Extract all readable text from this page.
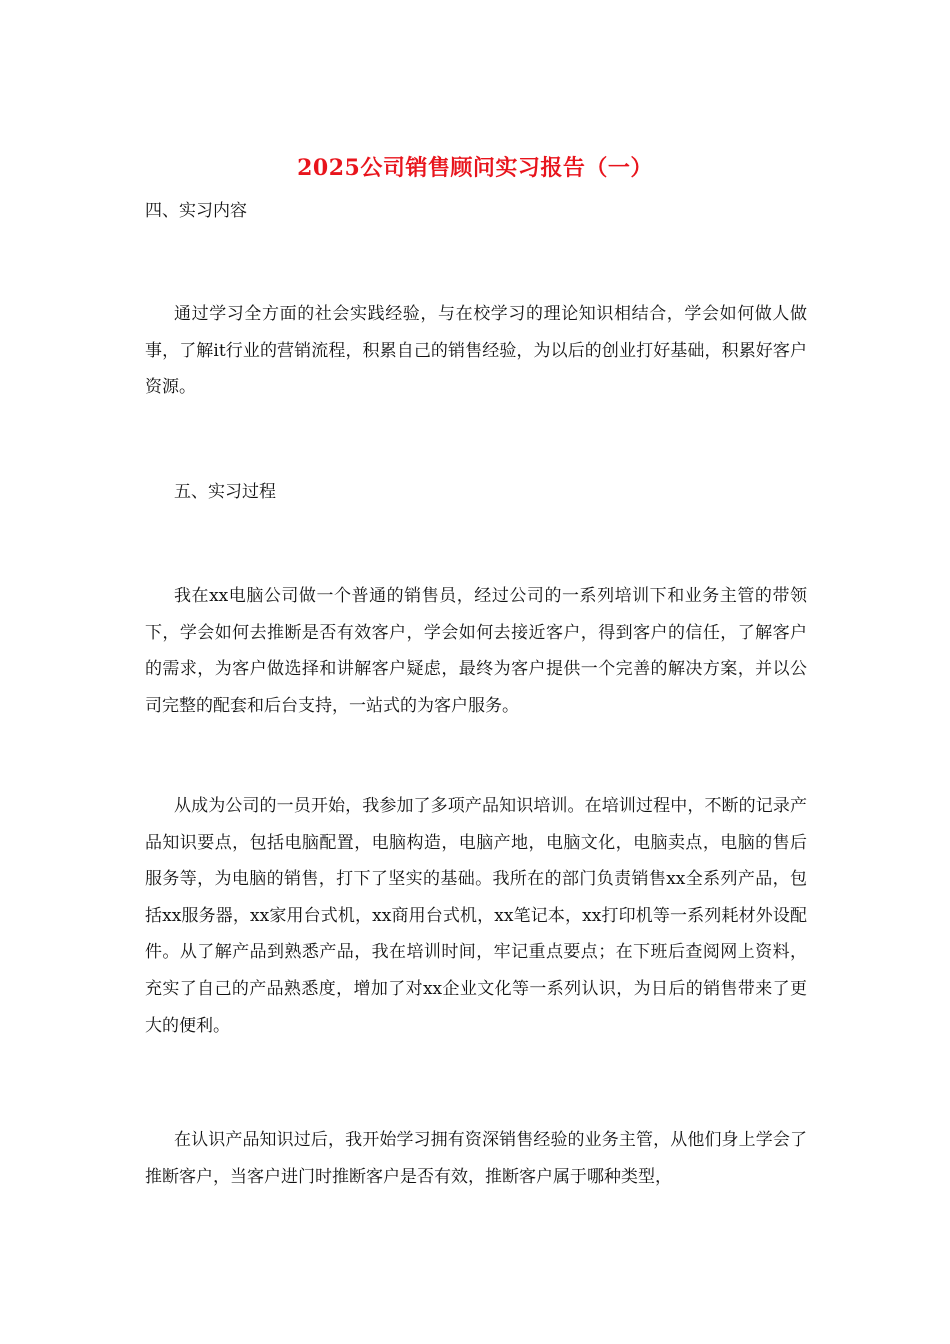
2025公司销售顾问实习报告（一）

四、实习内容

通过学习全方面的社会实践经验，与在校学习的理论知识相结合，学会如何做人做事，了解it行业的营销流程，积累自己的销售经验，为以后的创业打好基础，积累好客户资源。

五、实习过程

我在xx电脑公司做一个普通的销售员，经过公司的一系列培训下和业务主管的带领下，学会如何去推断是否有效客户，学会如何去接近客户，得到客户的信任，了解客户的需求，为客户做选择和讲解客户疑虑，最终为客户提供一个完善的解决方案，并以公司完整的配套和后台支持，一站式的为客户服务。

从成为公司的一员开始，我参加了多项产品知识培训。在培训过程中，不断的记录产品知识要点，包括电脑配置，电脑构造，电脑产地，电脑文化，电脑卖点，电脑的售后服务等，为电脑的销售，打下了坚实的基础。我所在的部门负责销售xx全系列产品，包括xx服务器，xx家用台式机，xx商用台式机，xx笔记本，xx打印机等一系列耗材外设配件。从了解产品到熟悉产品，我在培训时间，牢记重点要点；在下班后查阅网上资料，充实了自己的产品熟悉度，增加了对xx企业文化等一系列认识，为日后的销售带来了更大的便利。

在认识产品知识过后，我开始学习拥有资深销售经验的业务主管，从他们身上学会了推断客户，当客户进门时推断客户是否有效，推断客户属于哪种类型，
